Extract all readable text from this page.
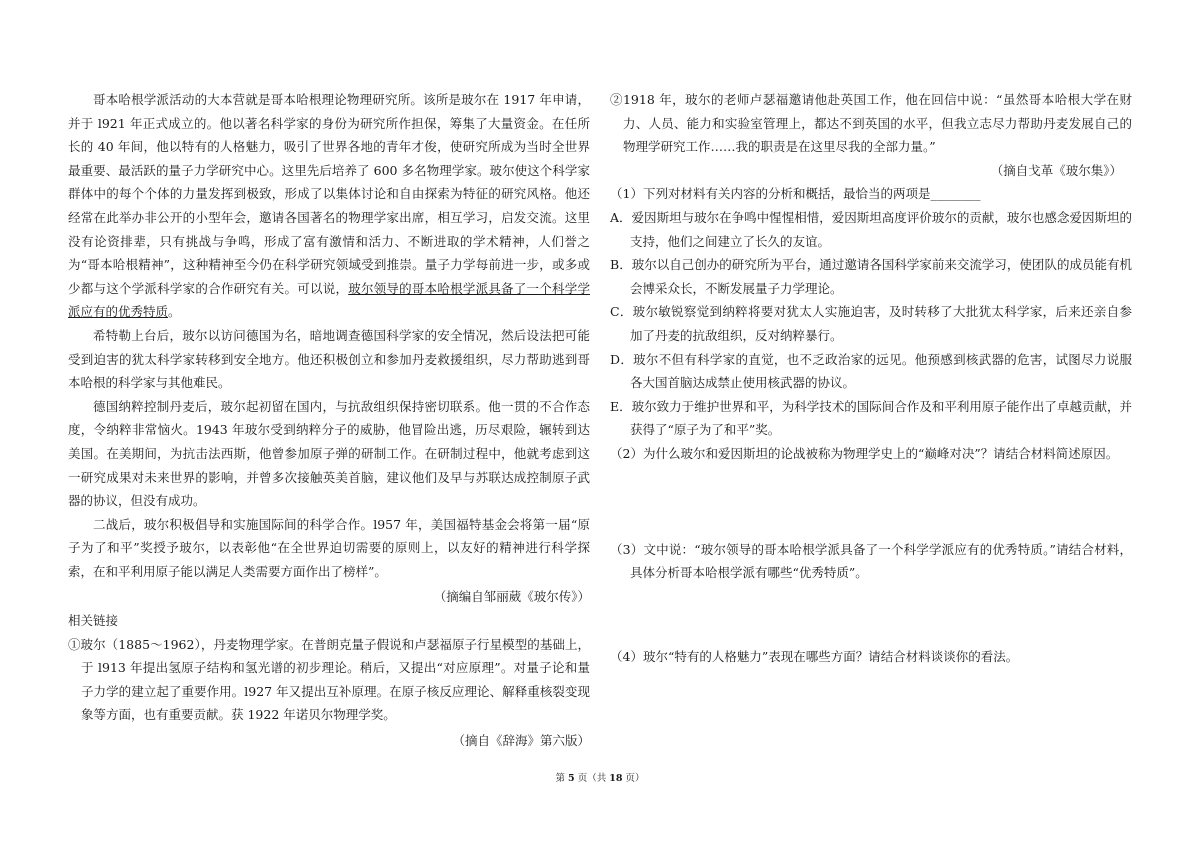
哥本哈根学派活动的大本营就是哥本哈根理论物理研究所。该所是玻尔在 1917 年申请，并于 l921 年正式成立的。他以著名科学家的身份为研究所作担保，筹集了大量资金。在任所长的 40 年间，他以特有的人格魅力，吸引了世界各地的青年才俊，使研究所成为当时全世界最重要、最活跃的量子力学研究中心。这里先后培养了 600 多名物理学家。玻尔使这个科学家群体中的每个个体的力量发挥到极致，形成了以集体讨论和自由探索为特征的研究风格。他还经常在此举办非公开的小型年会，邀请各国著名的物理学家出席，相互学习，启发交流。这里没有论资排辈，只有挑战与争鸣，形成了富有激情和活力、不断进取的学术精神，人们誉之为“哥本哈根精神”，这种精神至今仍在科学研究领域受到推崇。量子力学每前进一步，或多或少都与这个学派科学家的合作研究有关。可以说，玻尔领导的哥本哈根学派具备了一个科学学派应有的优秀特质。

希特勒上台后，玻尔以访问德国为名，暗地调查德国科学家的安全情况，然后设法把可能受到迫害的犹太科学家转移到安全地方。他还积极创立和参加丹麦救援组织，尽力帮助逃到哥本哈根的科学家与其他难民。

德国纳粹控制丹麦后，玻尔起初留在国内，与抗敌组织保持密切联系。他一贯的不合作态度，令纳粹非常恼火。1943 年玻尔受到纳粹分子的威胁，他冒险出逃，历尽艰险，辗转到达美国。在美期间，为抗击法西斯，他曾参加原子弹的研制工作。在研制过程中，他就考虑到这一研究成果对未来世界的影响，并曾多次接触英美首脑，建议他们及早与苏联达成控制原子武器的协议，但没有成功。

二战后，玻尔积极倡导和实施国际间的科学合作。l957 年，美国福特基金会将第一届“原子为了和平”奖授予玻尔，以表彰他“在全世界迫切需要的原则上，以友好的精神进行科学探索，在和平利用原子能以满足人类需要方面作出了榜样”。

（摘编自邹丽葳《玻尔传》）

相关链接

①玻尔（1885～1962），丹麦物理学家。在普朗克量子假说和卢瑟福原子行星模型的基础上，于 l913 年提出氢原子结构和氢光谱的初步理论。稍后，又提出“对应原理”。对量子论和量子力学的建立起了重要作用。l927 年又提出互补原理。在原子核反应理论、解释重核裂变现象等方面，也有重要贡献。获 1922 年诺贝尔物理学奖。

（摘自《辞海》第六版）

②1918 年，玻尔的老师卢瑟福邀请他赴英国工作，他在回信中说：“虽然哥本哈根大学在财力、人员、能力和实验室管理上，都达不到英国的水平，但我立志尽力帮助丹麦发展自己的物理学研究工作……我的职责是在这里尽我的全部力量。”

（摘自戈革《玻尔集》）

（1）下列对材料有关内容的分析和概括，最恰当的两项是________

A．爱因斯坦与玻尔在争鸣中惺惺相惜，爱因斯坦高度评价玻尔的贡献，玻尔也感念爱因斯坦的支持，他们之间建立了长久的友谊。

B．玻尔以自己创办的研究所为平台，通过邀请各国科学家前来交流学习，使团队的成员能有机会博采众长，不断发展量子力学理论。

C．玻尔敏锐察觉到纳粹将要对犹太人实施迫害，及时转移了大批犹太科学家，后来还亲自参加了丹麦的抗敌组织，反对纳粹暴行。

D．玻尔不但有科学家的直觉，也不乏政治家的远见。他预感到核武器的危害，试图尽力说服各大国首脑达成禁止使用核武器的协议。

E．玻尔致力于维护世界和平，为科学技术的国际间合作及和平利用原子能作出了卓越贡献，并获得了“原子为了和平”奖。

（2）为什么玻尔和爱因斯坦的论战被称为物理学史上的“巅峰对决”？请结合材料简述原因。

（3）文中说：“玻尔领导的哥本哈根学派具备了一个科学学派应有的优秀特质。”请结合材料，具体分析哥本哈根学派有哪些“优秀特质”。

（4）玻尔“特有的人格魅力”表现在哪些方面？请结合材料谈谈你的看法。

第 5 页（共 18 页）
